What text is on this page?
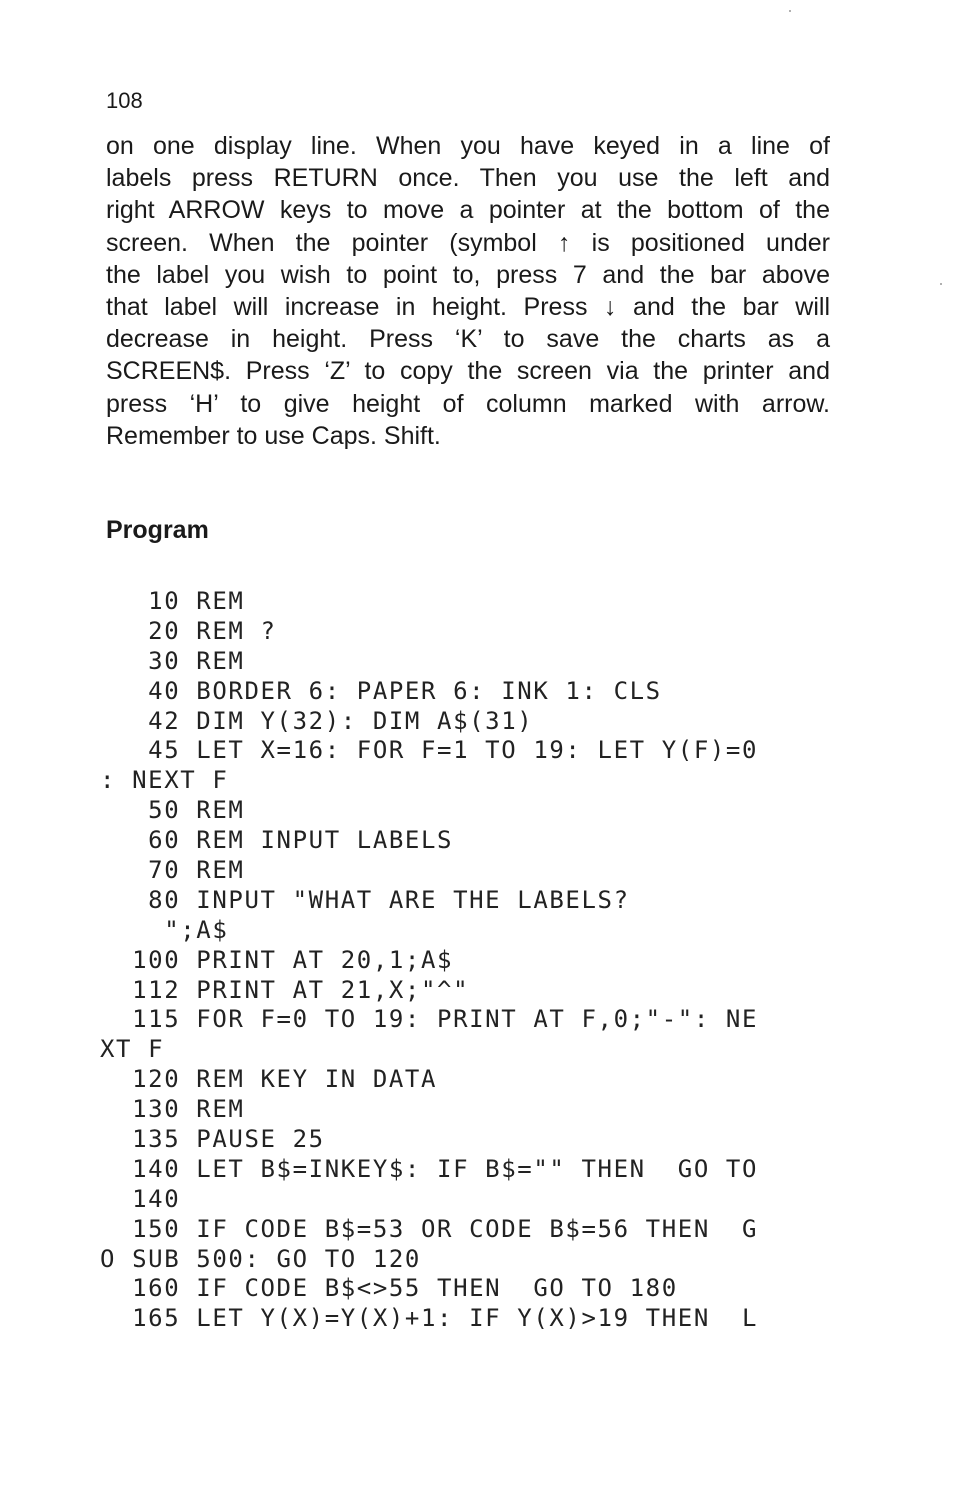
108
on one display line. When you have keyed in a line of
labels press RETURN once. Then you use the left and
right ARROW keys to move a pointer at the bottom of the
screen. When the pointer (symbol ↑ is positioned under
the label you wish to point to, press 7 and the bar above
that label will increase in height. Press ↓ and the bar will
decrease in height. Press ‘K’ to save the charts as a
SCREEN$. Press ‘Z’ to copy the screen via the printer and
press ‘H’ to give height of column marked with arrow.
Remember to use Caps. Shift.
Program
10 REM
20 REM ?
30 REM
40 BORDER 6: PAPER 6: INK 1: CLS
42 DIM Y(32): DIM A$(31)
45 LET X=16: FOR F=1 TO 19: LET Y(F)=0
: NEXT F
50 REM
60 REM INPUT LABELS
70 REM
80 INPUT "WHAT ARE THE LABELS?
";A$
100 PRINT AT 20,1;A$
112 PRINT AT 21,X;"^"
115 FOR F=0 TO 19: PRINT AT F,0;"-": NE
XT F
120 REM KEY IN DATA
130 REM
135 PAUSE 25
140 LET B$=INKEY$: IF B$="" THEN  GO TO
140
150 IF CODE B$=53 OR CODE B$=56 THEN  G
O SUB 500: GO TO 120
160 IF CODE B$<>55 THEN  GO TO 180
165 LET Y(X)=Y(X)+1: IF Y(X)>19 THEN  L
